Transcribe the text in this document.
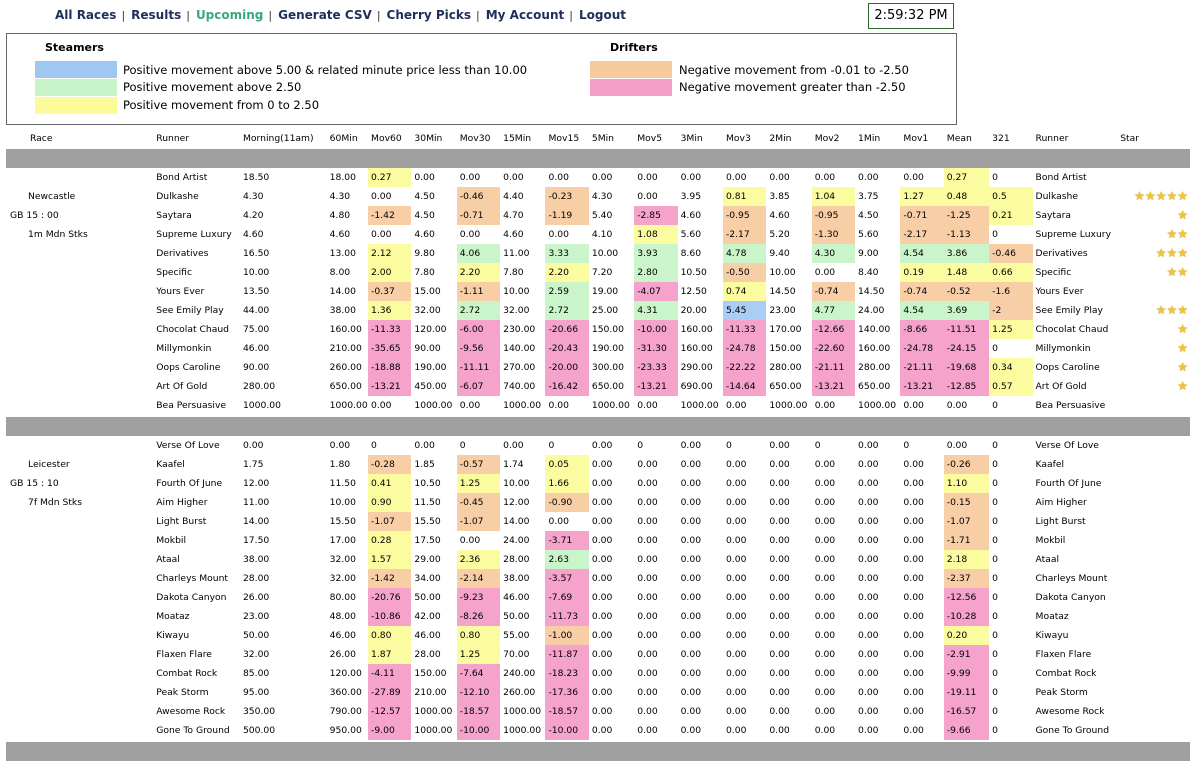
All Races | Results | Upcoming | Generate CSV | Cherry Picks | My Account | Logout	2:59:32 PM
Steamers	Drifters
Positive movement above 5.00 & related minute price less than 10.00
Positive movement above 2.50
Positive movement from 0 to 2.50
Negative movement from -0.01 to -2.50
Negative movement greater than -2.50
Race	Runner	Morning(11am)	60Min	Mov60	30Min	Mov30	15Min	Mov15	5Min	Mov5	3Min	Mov3	2Min	Mov2	1Min	Mov1	Mean	321	Runner	Star

	Bond Artist	18.50	18.00	0.27	0.00	0.00	0.00	0.00	0.00	0.00	0.00	0.00	0.00	0.00	0.00	0.00	0.27	0	Bond Artist	
Newcastle	Dulkashe	4.30	4.30	0.00	4.50	-0.46	4.40	-0.23	4.30	0.00	3.95	0.81	3.85	1.04	3.75	1.27	0.48	0.5	Dulkashe	★★★★★
GB 15 : 00	Saytara	4.20	4.80	-1.42	4.50	-0.71	4.70	-1.19	5.40	-2.85	4.60	-0.95	4.60	-0.95	4.50	-0.71	-1.25	0.21	Saytara	★
1m Mdn Stks	Supreme Luxury	4.60	4.60	0.00	4.60	0.00	4.60	0.00	4.10	1.08	5.60	-2.17	5.20	-1.30	5.60	-2.17	-1.13	0	Supreme Luxury	★★
	Derivatives	16.50	13.00	2.12	9.80	4.06	11.00	3.33	10.00	3.93	8.60	4.78	9.40	4.30	9.00	4.54	3.86	-0.46	Derivatives	★★★
	Specific	10.00	8.00	2.00	7.80	2.20	7.80	2.20	7.20	2.80	10.50	-0.50	10.00	0.00	8.40	0.19	1.48	0.66	Specific	★★
	Yours Ever	13.50	14.00	-0.37	15.00	-1.11	10.00	2.59	19.00	-4.07	12.50	0.74	14.50	-0.74	14.50	-0.74	-0.52	-1.6	Yours Ever	
	See Emily Play	44.00	38.00	1.36	32.00	2.72	32.00	2.72	25.00	4.31	20.00	5.45	23.00	4.77	24.00	4.54	3.69	-2	See Emily Play	★★★
	Chocolat Chaud	75.00	160.00	-11.33	120.00	-6.00	230.00	-20.66	150.00	-10.00	160.00	-11.33	170.00	-12.66	140.00	-8.66	-11.51	1.25	Chocolat Chaud	★
	Millymonkin	46.00	210.00	-35.65	90.00	-9.56	140.00	-20.43	190.00	-31.30	160.00	-24.78	150.00	-22.60	160.00	-24.78	-24.15	0	Millymonkin	★
	Oops Caroline	90.00	260.00	-18.88	190.00	-11.11	270.00	-20.00	300.00	-23.33	290.00	-22.22	280.00	-21.11	280.00	-21.11	-19.68	0.34	Oops Caroline	★
	Art Of Gold	280.00	650.00	-13.21	450.00	-6.07	740.00	-16.42	650.00	-13.21	690.00	-14.64	650.00	-13.21	650.00	-13.21	-12.85	0.57	Art Of Gold	★
	Bea Persuasive	1000.00	1000.00	0.00	1000.00	0.00	1000.00	0.00	1000.00	0.00	1000.00	0.00	1000.00	0.00	1000.00	0.00	0.00	0	Bea Persuasive	

	Verse Of Love	0.00	0.00	0	0.00	0	0.00	0	0.00	0	0.00	0	0.00	0	0.00	0	0.00	0	Verse Of Love	
Leicester	Kaafel	1.75	1.80	-0.28	1.85	-0.57	1.74	0.05	0.00	0.00	0.00	0.00	0.00	0.00	0.00	0.00	-0.26	0	Kaafel	
GB 15 : 10	Fourth Of June	12.00	11.50	0.41	10.50	1.25	10.00	1.66	0.00	0.00	0.00	0.00	0.00	0.00	0.00	0.00	1.10	0	Fourth Of June	
7f Mdn Stks	Aim Higher	11.00	10.00	0.90	11.50	-0.45	12.00	-0.90	0.00	0.00	0.00	0.00	0.00	0.00	0.00	0.00	-0.15	0	Aim Higher	
	Light Burst	14.00	15.50	-1.07	15.50	-1.07	14.00	0.00	0.00	0.00	0.00	0.00	0.00	0.00	0.00	0.00	-1.07	0	Light Burst	
	Mokbil	17.50	17.00	0.28	17.50	0.00	24.00	-3.71	0.00	0.00	0.00	0.00	0.00	0.00	0.00	0.00	-1.71	0	Mokbil	
	Ataal	38.00	32.00	1.57	29.00	2.36	28.00	2.63	0.00	0.00	0.00	0.00	0.00	0.00	0.00	0.00	2.18	0	Ataal	
	Charleys Mount	28.00	32.00	-1.42	34.00	-2.14	38.00	-3.57	0.00	0.00	0.00	0.00	0.00	0.00	0.00	0.00	-2.37	0	Charleys Mount	
	Dakota Canyon	26.00	80.00	-20.76	50.00	-9.23	46.00	-7.69	0.00	0.00	0.00	0.00	0.00	0.00	0.00	0.00	-12.56	0	Dakota Canyon	
	Moataz	23.00	48.00	-10.86	42.00	-8.26	50.00	-11.73	0.00	0.00	0.00	0.00	0.00	0.00	0.00	0.00	-10.28	0	Moataz	
	Kiwayu	50.00	46.00	0.80	46.00	0.80	55.00	-1.00	0.00	0.00	0.00	0.00	0.00	0.00	0.00	0.00	0.20	0	Kiwayu	
	Flaxen Flare	32.00	26.00	1.87	28.00	1.25	70.00	-11.87	0.00	0.00	0.00	0.00	0.00	0.00	0.00	0.00	-2.91	0	Flaxen Flare	
	Combat Rock	85.00	120.00	-4.11	150.00	-7.64	240.00	-18.23	0.00	0.00	0.00	0.00	0.00	0.00	0.00	0.00	-9.99	0	Combat Rock	
	Peak Storm	95.00	360.00	-27.89	210.00	-12.10	260.00	-17.36	0.00	0.00	0.00	0.00	0.00	0.00	0.00	0.00	-19.11	0	Peak Storm	
	Awesome Rock	350.00	790.00	-12.57	1000.00	-18.57	1000.00	-18.57	0.00	0.00	0.00	0.00	0.00	0.00	0.00	0.00	-16.57	0	Awesome Rock	
	Gone To Ground	500.00	950.00	-9.00	1000.00	-10.00	1000.00	-10.00	0.00	0.00	0.00	0.00	0.00	0.00	0.00	0.00	-9.66	0	Gone To Ground	
